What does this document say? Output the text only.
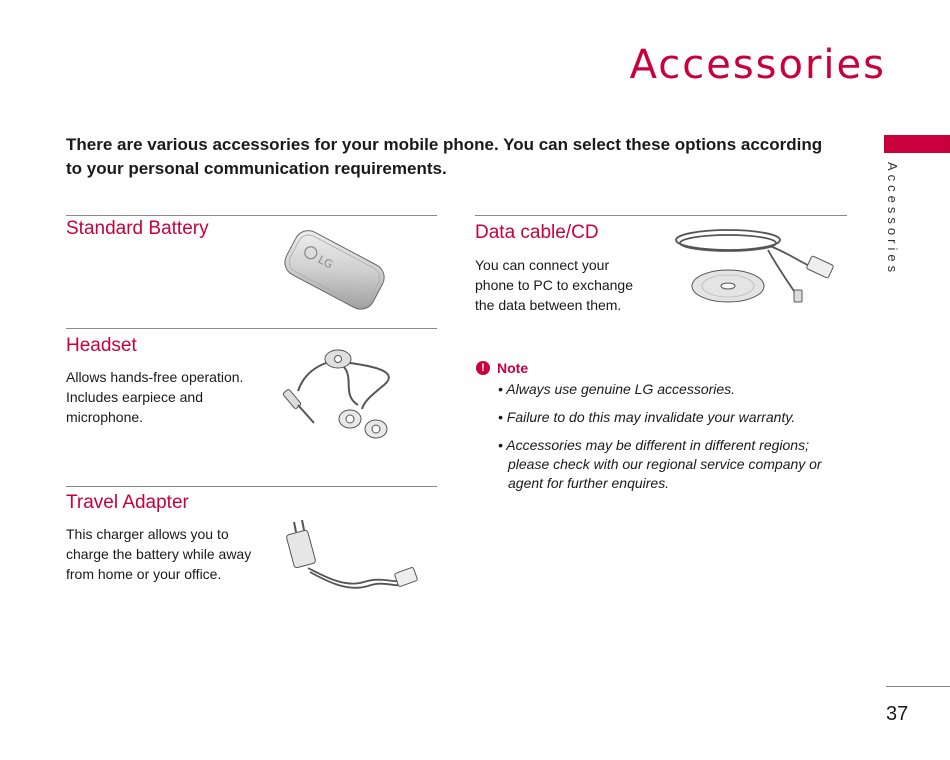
Accessories
Accessories

There are various accessories for your mobile phone. You can select these options according to your personal communication requirements.

Standard Battery
LG
Headset

Allows hands-free operation. Includes earpiece and microphone.

Travel Adapter

This charger allows you to charge the battery while away from home or your office.

Data cable/CD

You can connect your phone to PC to exchange the data between them.

! Note
• Always use genuine LG accessories.
• Failure to do this may invalidate your warranty.
• Accessories may be different in different regions; please check with our regional service company or agent for further enquires.
37
